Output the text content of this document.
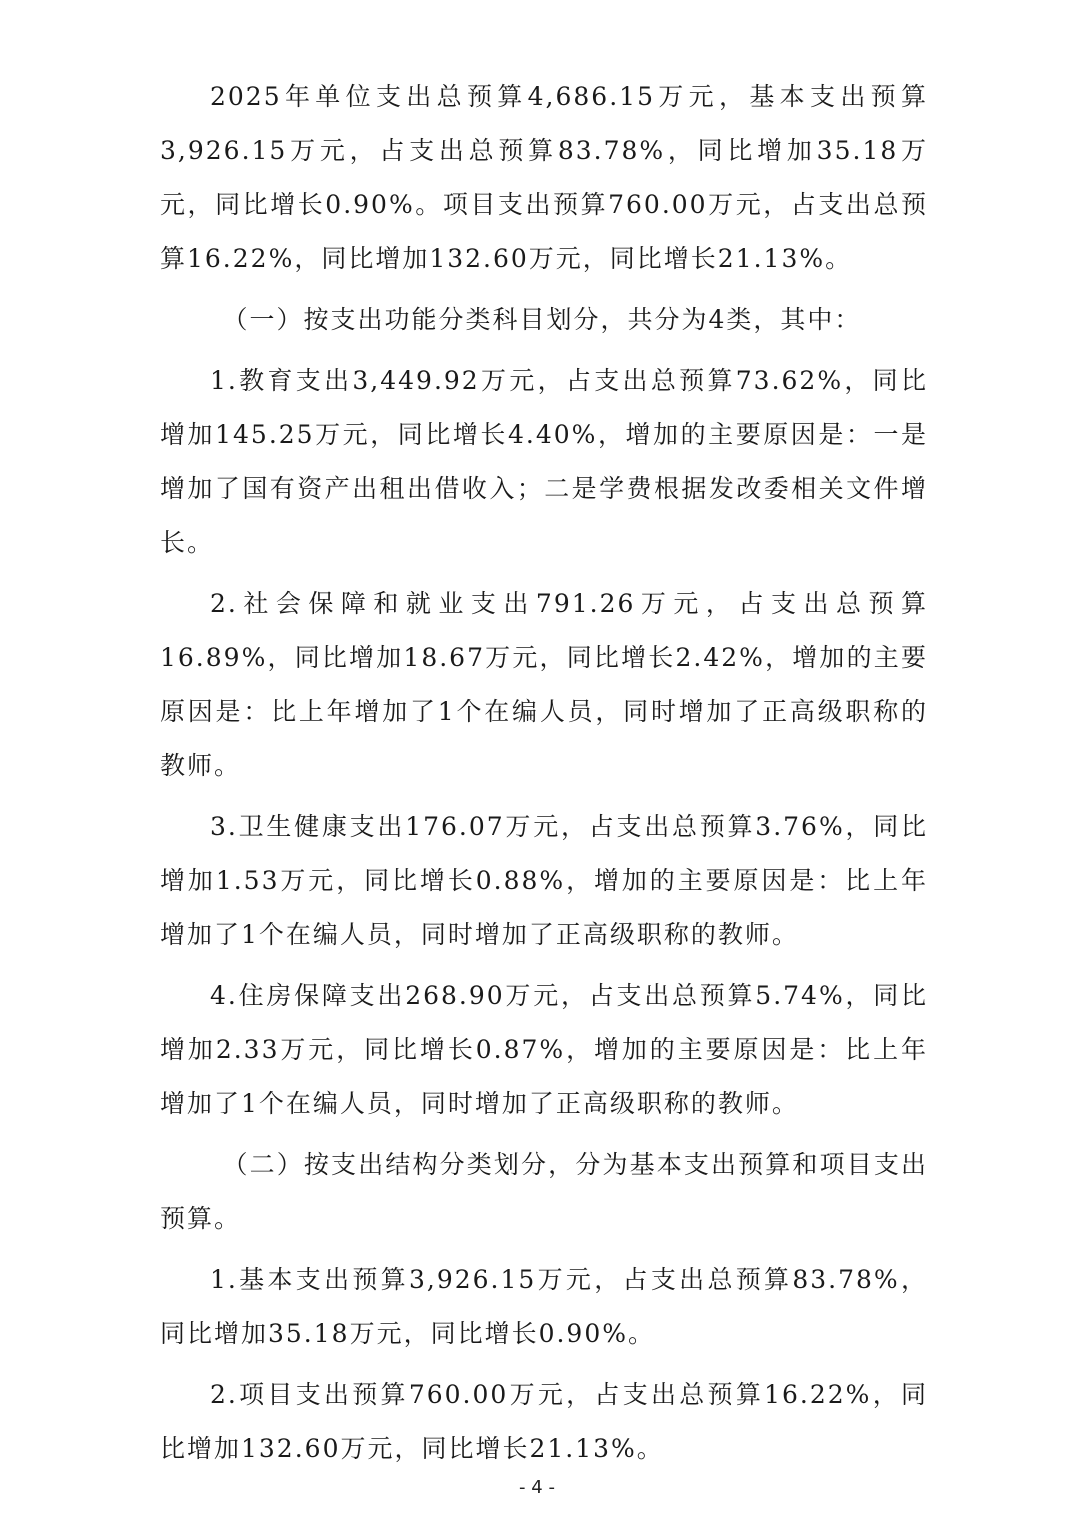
2025年单位支出总预算4,686.15万元，基本支出预算3,926.15万元，占支出总预算83.78%，同比增加35.18万元，同比增长0.90%。项目支出预算760.00万元，占支出总预算16.22%，同比增加132.60万元，同比增长21.13%。

（一）按支出功能分类科目划分，共分为4类，其中：

1.教育支出3,449.92万元，占支出总预算73.62%，同比增加145.25万元，同比增长4.40%，增加的主要原因是：一是增加了国有资产出租出借收入；二是学费根据发改委相关文件增长。

2.社会保障和就业支出791.26万元，占支出总预算16.89%，同比增加18.67万元，同比增长2.42%，增加的主要原因是：比上年增加了1个在编人员，同时增加了正高级职称的教师。

3.卫生健康支出176.07万元，占支出总预算3.76%，同比增加1.53万元，同比增长0.88%，增加的主要原因是：比上年增加了1个在编人员，同时增加了正高级职称的教师。

4.住房保障支出268.90万元，占支出总预算5.74%，同比增加2.33万元，同比增长0.87%，增加的主要原因是：比上年增加了1个在编人员，同时增加了正高级职称的教师。

（二）按支出结构分类划分，分为基本支出预算和项目支出预算。

1.基本支出预算3,926.15万元，占支出总预算83.78%，同比增加35.18万元，同比增长0.90%。

2.项目支出预算760.00万元，占支出总预算16.22%，同比增加132.60万元，同比增长21.13%。

- 4 -
